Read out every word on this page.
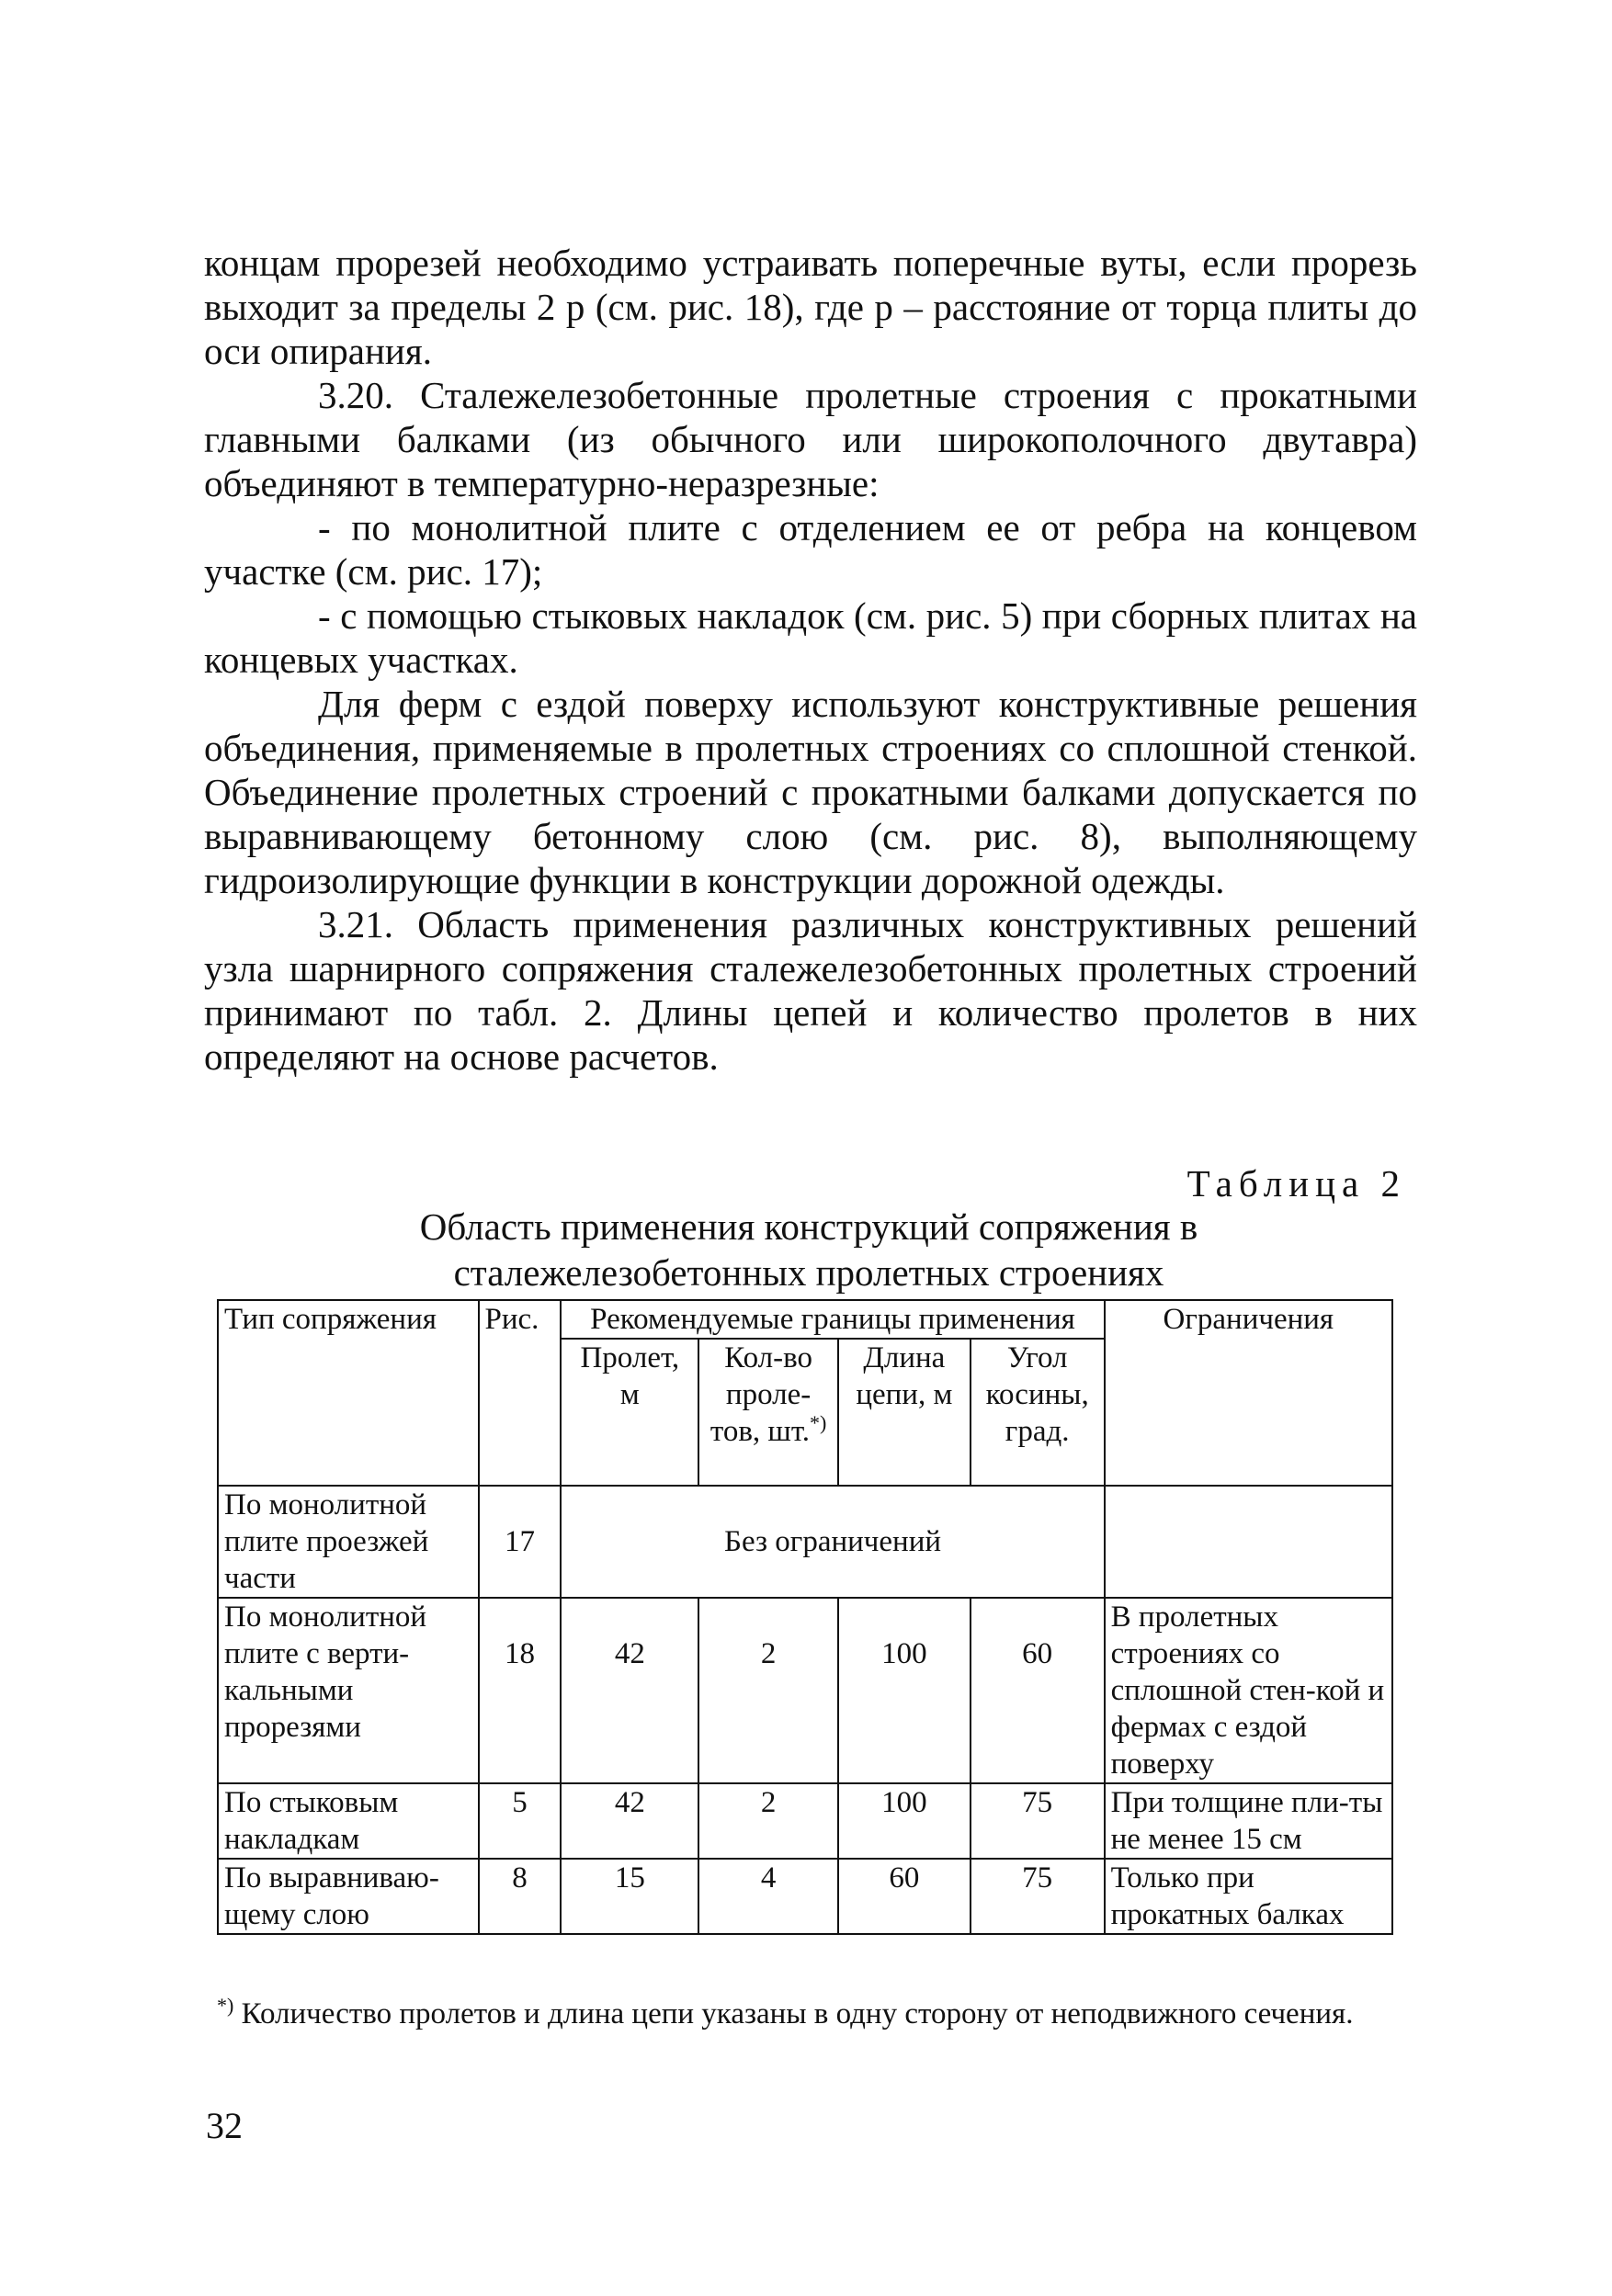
концам прорезей необходимо устраивать поперечные вуты, если прорезь выходит за пределы 2 p (см. рис. 18), где p – расстояние от торца плиты до оси опирания.

3.20. Сталежелезобетонные пролетные строения с прокатными главными балками (из обычного или широкополочного двутавра) объединяют в температурно-неразрезные:

- по монолитной плите с отделением ее от ребра на концевом участке (см. рис. 17);

- с помощью стыковых накладок (см. рис. 5) при сборных плитах на концевых участках.

Для ферм с ездой поверху используют конструктивные решения объединения, применяемые в пролетных строениях со сплошной стенкой. Объединение пролетных строений с прокатными балками допускается по выравнивающему бетонному слою (см. рис. 8), выполняющему гидроизолирующие функции в конструкции дорожной одежды.

3.21. Область применения различных конструктивных решений узла шарнирного сопряжения сталежелезобетонных пролетных строений принимают по табл. 2. Длины цепей и количество пролетов в них определяют на основе расчетов.

Таблица 2
Область применения конструкций сопряжения в
сталежелезобетонных пролетных строениях
Тип сопряжения	Рис.	Рекомендуемые границы применения				Ограничения
		Пролет, м	Кол-во проле-тов, шт.*)	Длина цепи, м	Угол косины, град.	
По монолитной плите проезжей части	17	Без ограничений				
По монолитной плите с верти-кальными прорезями	18	42	2	100	60	В пролетных строениях со сплошной стен-кой и фермах с ездой поверху
По стыковым накладкам	5	42	2	100	75	При толщине пли-ты не менее 15 см
По выравниваю-щему слою	8	15	4	60	75	Только при прокатных балках
*) Количество пролетов и длина цепи указаны в одну сторону от неподвижного сечения.
32
